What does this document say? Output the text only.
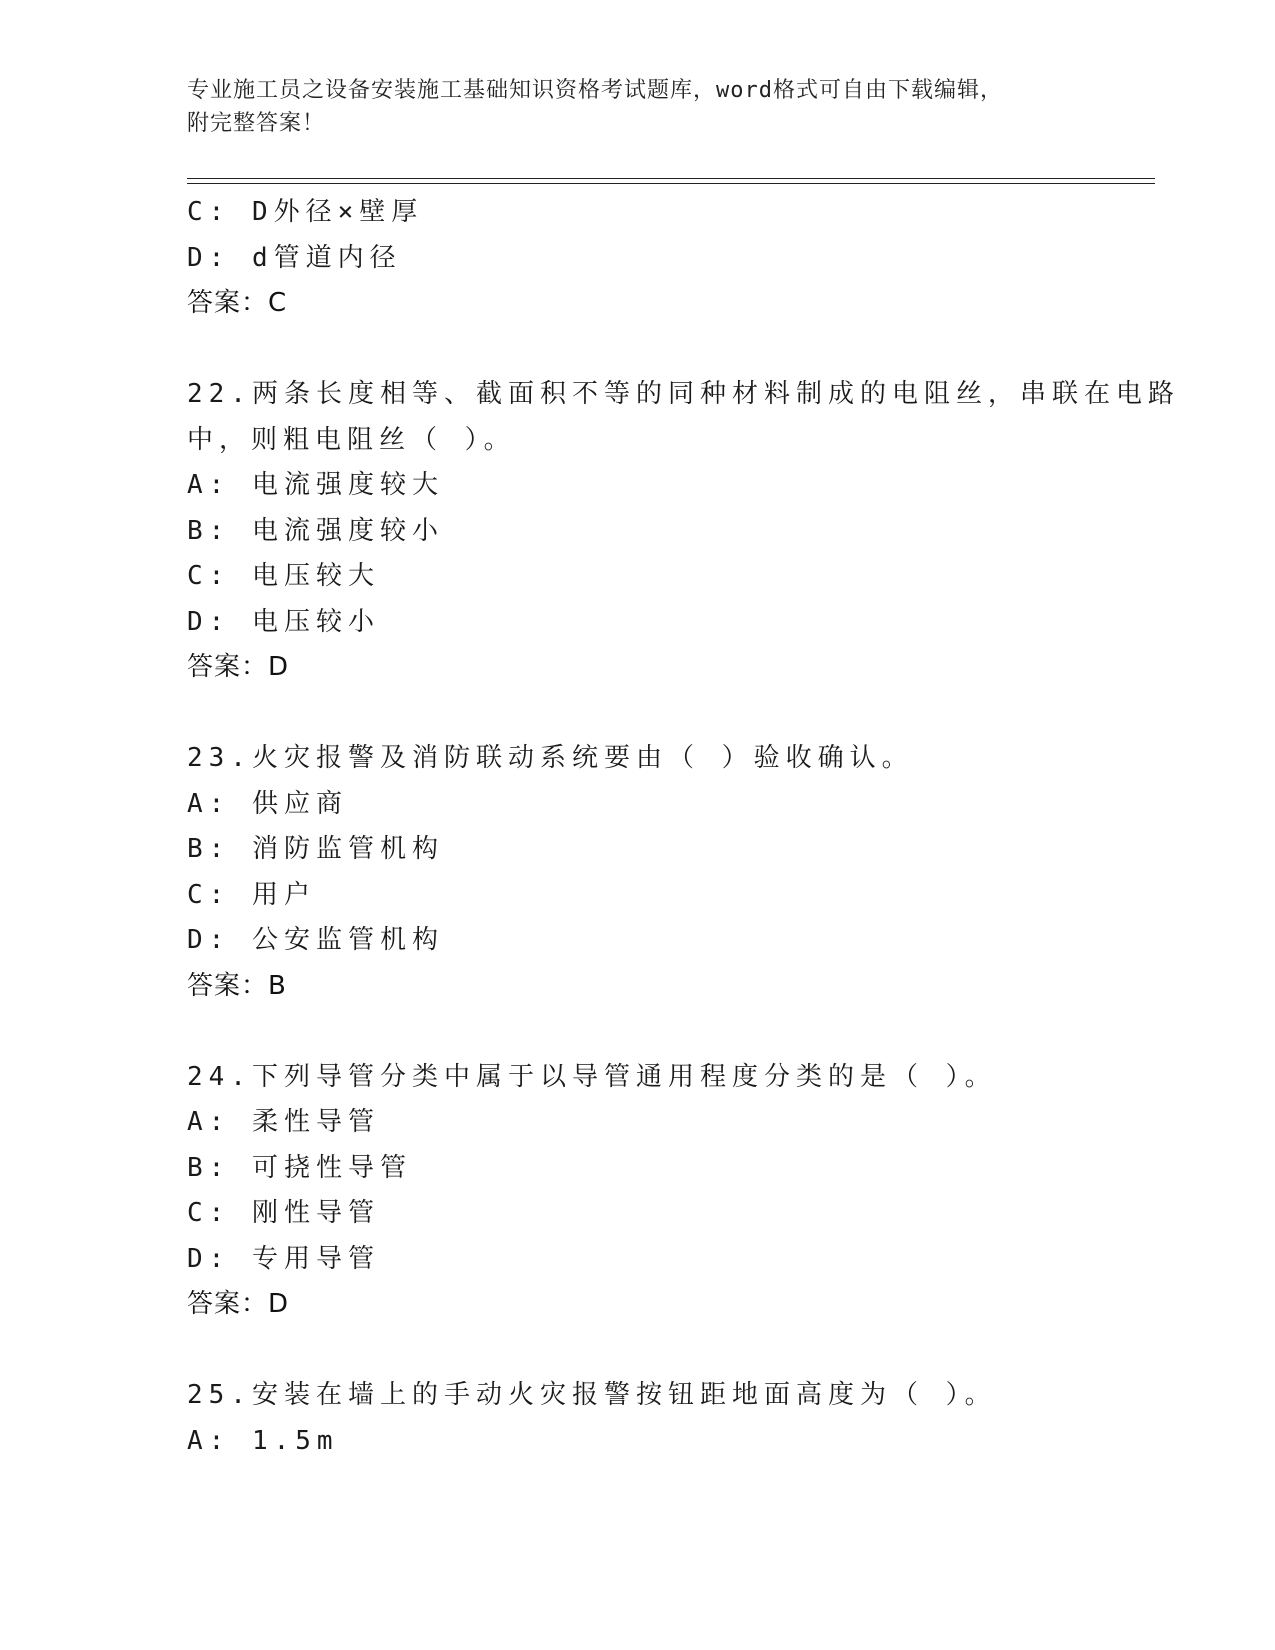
专业施工员之设备安装施工基础知识资格考试题库，word格式可自由下载编辑，
附完整答案！
C: D外径×壁厚
D: d管道内径
答案：C
22.两条长度相等、截面积不等的同种材料制成的电阻丝，串联在电路
中，则粗电阻丝（ ）。
A: 电流强度较大
B: 电流强度较小
C: 电压较大
D: 电压较小
答案：D
23.火灾报警及消防联动系统要由（ ）验收确认。
A: 供应商
B: 消防监管机构
C: 用户
D: 公安监管机构
答案：B
24.下列导管分类中属于以导管通用程度分类的是（ ）。
A: 柔性导管
B: 可挠性导管
C: 刚性导管
D: 专用导管
答案：D
25.安装在墙上的手动火灾报警按钮距地面高度为（ ）。
A: 1.5m
